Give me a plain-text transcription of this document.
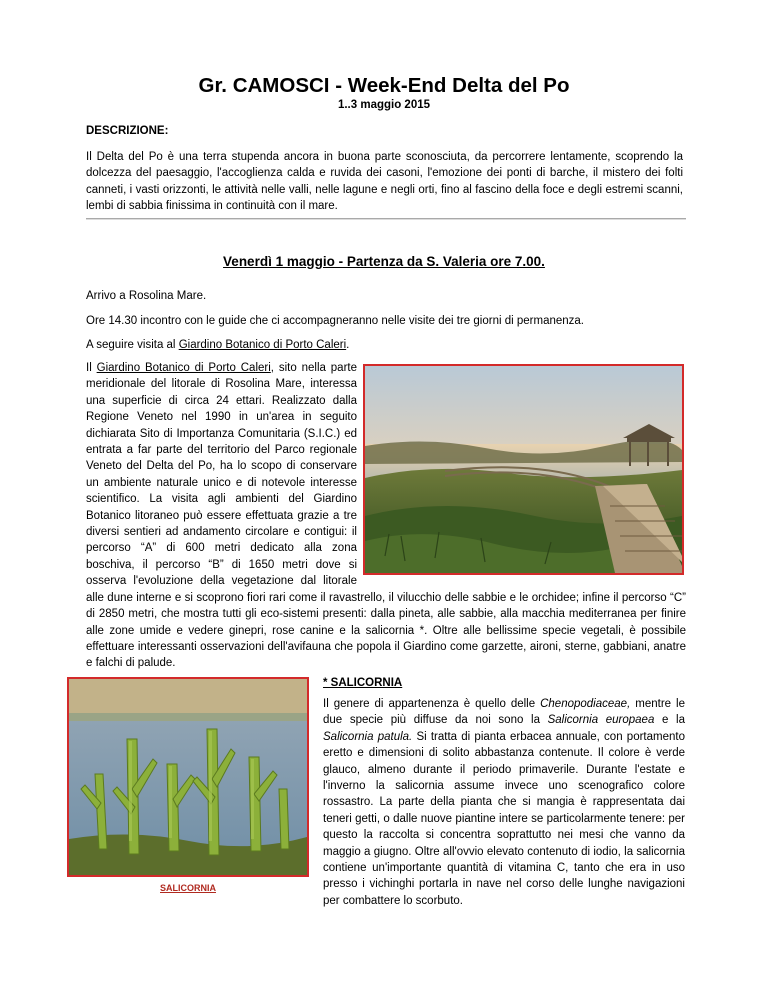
Gr. CAMOSCI - Week-End Delta del Po

1..3 maggio 2015

DESCRIZIONE:

Il Delta del Po è una terra stupenda ancora in buona parte sconosciuta, da percorrere lentamente, scoprendo la dolcezza del paesaggio, l'accoglienza calda e ruvida dei casoni, l'emozione dei ponti di barche, il mistero dei folti canneti, i vasti orizzonti, le attività nelle valli, nelle lagune e negli orti, fino al fascino della foce e degli estremi scanni, lembi di sabbia finissima in continuità con il mare.

Venerdì 1 maggio - Partenza da S. Valeria ore 7.00.

Arrivo a Rosolina Mare.

Ore 14.30 incontro con le guide che ci accompagneranno nelle visite dei tre giorni di permanenza.

A seguire visita al Giardino Botanico di Porto Caleri.

Il Giardino Botanico di Porto Caleri, sito nella parte meridionale del litorale di Rosolina Mare, interessa una superficie di circa 24 ettari. Realizzato dalla Regione Veneto nel 1990 in un'area in seguito dichiarata Sito di Importanza Comunitaria (S.I.C.) ed entrata a far parte del territorio del Parco regionale Veneto del Delta del Po, ha lo scopo di conservare un ambiente naturale unico e di notevole interesse scientifico. La visita agli ambienti del Giardino Botanico litoraneo può essere effettuata grazie a tre diversi sentieri ad andamento circolare e contigui: il percorso “A” di 600 metri dedicato alla zona boschiva, il percorso “B” di 1650 metri dove si osserva l'evoluzione della vegetazione dal litorale alle dune interne e si scoprono fiori rari come il ravastrello, il vilucchio delle sabbie e le orchidee; infine il percorso “C” di 2850 metri, che mostra tutti gli eco-sistemi presenti: dalla pineta, alle sabbie, alla macchia mediterranea per finire alle zone umide e vedere ginepri, rose canine e la salicornia *. Oltre alle bellissime specie vegetali, è possibile effettuare interessanti osservazioni dell'avifauna che popola il Giardino come garzette, aironi, sterne, gabbiani, anatre e falchi di palude.

SALICORNIA

* SALICORNIA

Il genere di appartenenza è quello delle Chenopodiaceae, mentre le due specie più diffuse da noi sono la Salicornia europaea e la Salicornia patula. Si tratta di pianta erbacea annuale, con portamento eretto e dimensioni di solito abbastanza contenute. Il colore è verde glauco, almeno durante il periodo primaverile. Durante l'estate e l'inverno la salicornia assume invece uno scenografico colore rossastro. La parte della pianta che si mangia è rappresentata dai teneri getti, o dalle nuove piantine intere se particolarmente tenere: per questo la raccolta si concentra soprattutto nei mesi che vanno da maggio a giugno. Oltre all'ovvio elevato contenuto di iodio, la salicornia contiene un'importante quantità di vitamina C, tanto che era in uso presso i vichinghi portarla in nave nel corso delle lunghe navigazioni per combattere lo scorbuto.
